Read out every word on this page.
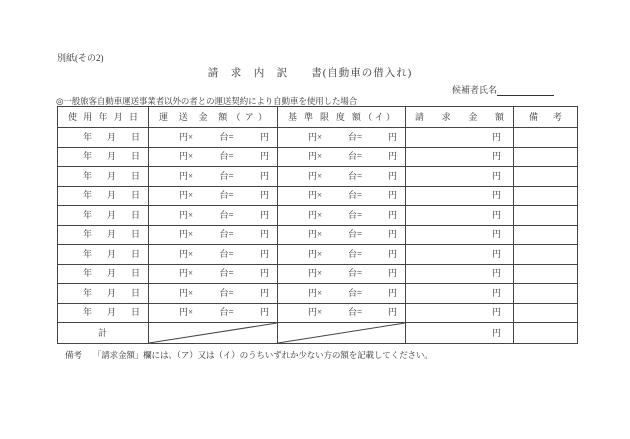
別紙(その2)
請　求　内　訳　　書(自動車の借入れ)
候補者氏名
◎一般旅客自動車運送事業者以外の者との運送契約により自動車を使用した場合
使 用 年 月 日	運 送 金 額（ア）	基 準 限 度 額（イ）	請 求 金 額	備 考
年　月　日	円× 台= 円	円× 台= 円	円	
年　月　日	円× 台= 円	円× 台= 円	円	
年　月　日	円× 台= 円	円× 台= 円	円	
年　月　日	円× 台= 円	円× 台= 円	円	
年　月　日	円× 台= 円	円× 台= 円	円	
年　月　日	円× 台= 円	円× 台= 円	円	
年　月　日	円× 台= 円	円× 台= 円	円	
年　月　日	円× 台= 円	円× 台= 円	円	
年　月　日	円× 台= 円	円× 台= 円	円	
年　月　日	円× 台= 円	円× 台= 円	円	
計			円	
備考 「請求金額」欄には、（ア）又は（イ）のうちいずれか少ない方の額を記載してください。
